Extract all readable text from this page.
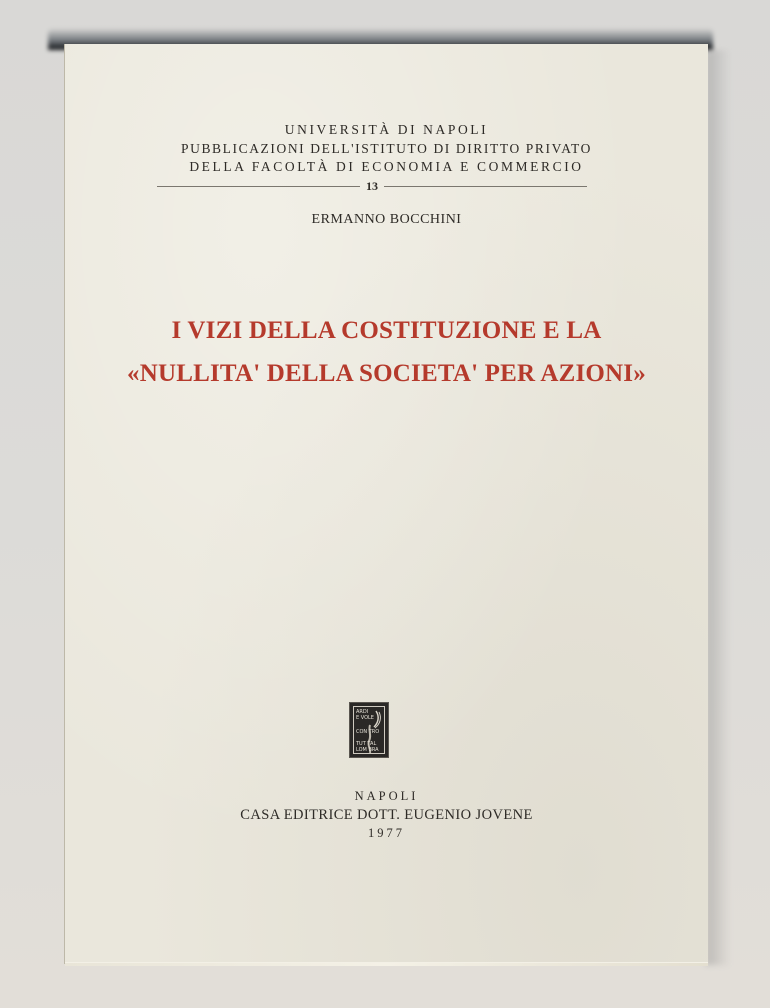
UNIVERSITÀ DI NAPOLI
PUBBLICAZIONI DELL'ISTITUTO DI DIRITTO PRIVATO
DELLA FACOLTÀ DI ECONOMIA E COMMERCIO
13
ERMANNO BOCCHINI
I VIZI DELLA COSTITUZIONE E LA
«NULLITA' DELLA SOCIETA' PER AZIONI»
ARDI
E VOLE
CON TRO
TUT TAL
LOM BRA
NAPOLI
CASA EDITRICE DOTT. EUGENIO JOVENE
1977
